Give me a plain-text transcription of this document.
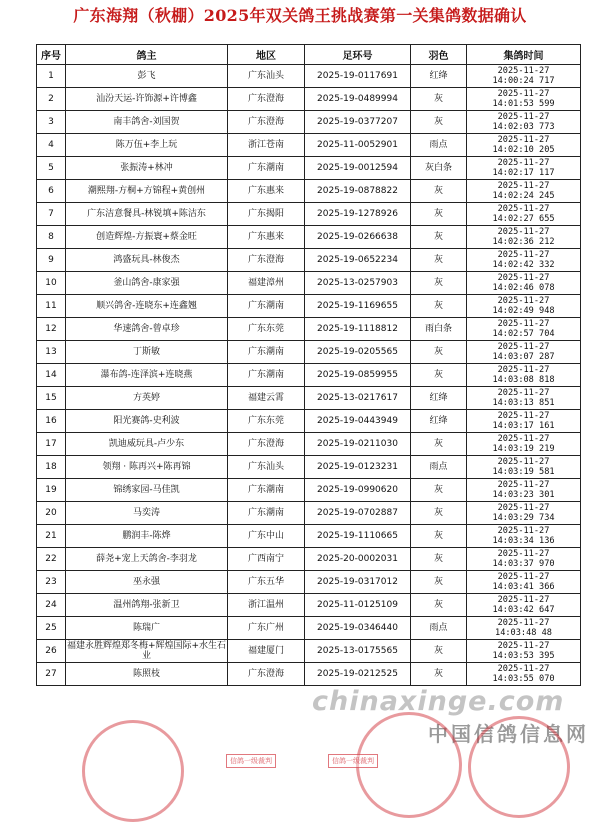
广东海翔（秋棚）2025年双关鸽王挑战赛第一关集鸽数据确认
序号	鸽主	地区	足环号	羽色	集鸽时间
1	彭飞	广东汕头	2025-19-0117691	红绛	2025-11-27
14:00:24 717

2	汕汾天运-许饰源+许博鑫	广东澄海	2025-19-0489994	灰	2025-11-27
14:01:53 599

3	南丰鸽舍-刘国贺	广东澄海	2025-19-0377207	灰	2025-11-27
14:02:03 773

4	陈万伍+李上玩	浙江苍南	2025-11-0052901	雨点	2025-11-27
14:02:10 205

5	张振涛+林冲	广东潮南	2025-19-0012594	灰白条	2025-11-27
14:02:17 117

6	潮熙翔-方桐+方锦程+黄创州	广东惠来	2025-19-0878822	灰	2025-11-27
14:02:24 245

7	广东洁意餐具-林锐填+陈洁东	广东揭阳	2025-19-1278926	灰	2025-11-27
14:02:27 655

8	创造辉煌-方振寰+蔡金旺	广东惠来	2025-19-0266638	灰	2025-11-27
14:02:36 212

9	鸿盛玩具-林俊杰	广东澄海	2025-19-0652234	灰	2025-11-27
14:02:42 332

10	釜山鸽舍-康家强	福建漳州	2025-13-0257903	灰	2025-11-27
14:02:46 078

11	顺兴鸽舍-连晓东+连鑫翘	广东潮南	2025-19-1169655	灰	2025-11-27
14:02:49 948

12	华速鸽舍-曾卓珍	广东东莞	2025-19-1118812	雨白条	2025-11-27
14:02:57 704

13	丁斯敏	广东潮南	2025-19-0205565	灰	2025-11-27
14:03:07 287

14	瀑布鸽-连泽滨+连晓燕	广东潮南	2025-19-0859955	灰	2025-11-27
14:03:08 818

15	方英婷	福建云霄	2025-13-0217617	红绛	2025-11-27
14:03:13 851

16	阳光赛鸽-史利波	广东东莞	2025-19-0443949	红绛	2025-11-27
14:03:17 161

17	凯迪威玩具-卢少东	广东澄海	2025-19-0211030	灰	2025-11-27
14:03:19 219

18	领翔 · 陈再兴+陈再锦	广东汕头	2025-19-0123231	雨点	2025-11-27
14:03:19 581

19	锦绣家园-马佳凯	广东潮南	2025-19-0990620	灰	2025-11-27
14:03:23 301

20	马奕涛	广东潮南	2025-19-0702887	灰	2025-11-27
14:03:29 734

21	鹏润丰-陈烨	广东中山	2025-19-1110665	灰	2025-11-27
14:03:34 136

22	薛尧+宠上天鸽舍-李羽龙	广西南宁	2025-20-0002031	灰	2025-11-27
14:03:37 970

23	巫永强	广东五华	2025-19-0317012	灰	2025-11-27
14:03:41 366

24	温州鸽翔-张新卫	浙江温州	2025-11-0125109	灰	2025-11-27
14:03:42 647

25	陈瑞广	广东广州	2025-19-0346440	雨点	2025-11-27
14:03:48 48

26	福建永胜辉煌郑冬梅+辉煌国际+水生石业	福建厦门	2025-13-0175565	灰	2025-11-27
14:03:53 395

27	陈照枝	广东澄海	2025-19-0212525	灰	2025-11-27
14:03:55 070
chinaxinge.com
中国信鸽信息网
信鸽一级裁判	信鸽一级裁判
